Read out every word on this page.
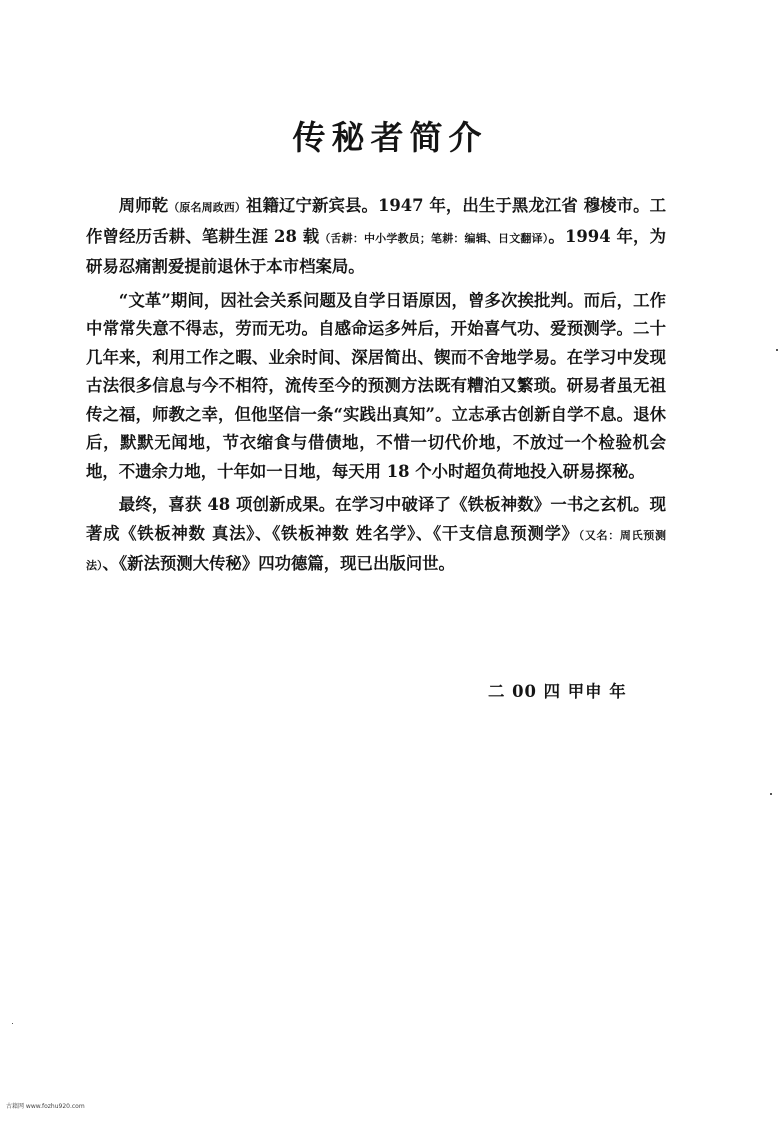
传秘者简介

周师乾（原名周政西）祖籍辽宁新宾县。1947 年，出生于黑龙江省 穆棱市。工作曾经历舌耕、笔耕生涯 28 载（舌耕：中小学教员；笔耕：编辑、日文翻译）。1994 年，为研易忍痛割爱提前退休于本市档案局。

“文革”期间，因社会关系问题及自学日语原因，曾多次挨批判。而后，工作中常常失意不得志，劳而无功。自感命运多舛后，开始喜气功、爱预测学。二十几年来，利用工作之暇、业余时间、深居简出、锲而不舍地学易。在学习中发现古法很多信息与今不相符，流传至今的预测方法既有糟泊又繁琐。研易者虽无祖传之福，师教之幸，但他坚信一条“实践出真知”。立志承古创新自学不息。退休后，默默无闻地，节衣缩食与借债地，不惜一切代价地，不放过一个检验机会地，不遗余力地，十年如一日地，每天用 18 个小时超负荷地投入研易探秘。

最终，喜获 48 项创新成果。在学习中破译了《铁板神数》一书之玄机。现著成《铁板神数 真法》、《铁板神数 姓名学》、《干支信息预测学》（又名：周氏预测法）、《新法预测大传秘》四功德篇，现已出版问世。

二 00 四 甲申 年
古籍网 www.fozhu920.com
